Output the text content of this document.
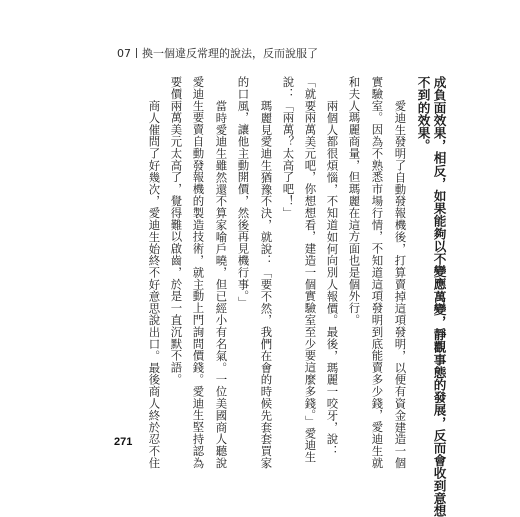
07 換一個違反常理的說法，反而說服了
成負面效果，相反，如果能夠以不變應萬變，靜觀事態的發展，反而會收到意想
不到的效果。
愛迪生發明了自動發報機後，打算賣掉這項發明，以便有資金建造一個
實驗室。因為不熟悉市場行情，不知道這項發明到底能賣多少錢，愛迪生就
和夫人瑪麗商量，但瑪麗在這方面也是個外行。
兩個人都很煩惱，不知道如何向別人報價。最後，瑪麗一咬牙，說：
「就要兩萬美元吧，你想想看，建造一個實驗室至少要這麼多錢。」愛迪生
說：「兩萬？太高了吧！」
瑪麗見愛迪生猶豫不決，就說：「要不然，我們在會的時候先套套買家
的口風，讓他主動開價，然後再見機行事。」
當時愛迪生雖然還不算家喻戶曉，但已經小有名氣。一位美國商人聽說
愛迪生要賣自動發報機的製造技術，就主動上門詢問價錢。愛迪生堅持認為
要價兩萬美元太高了，覺得難以啟齒，於是一直沉默不語。
商人催問了好幾次，愛迪生始終不好意思說出口。最後商人終於忍不住
271
